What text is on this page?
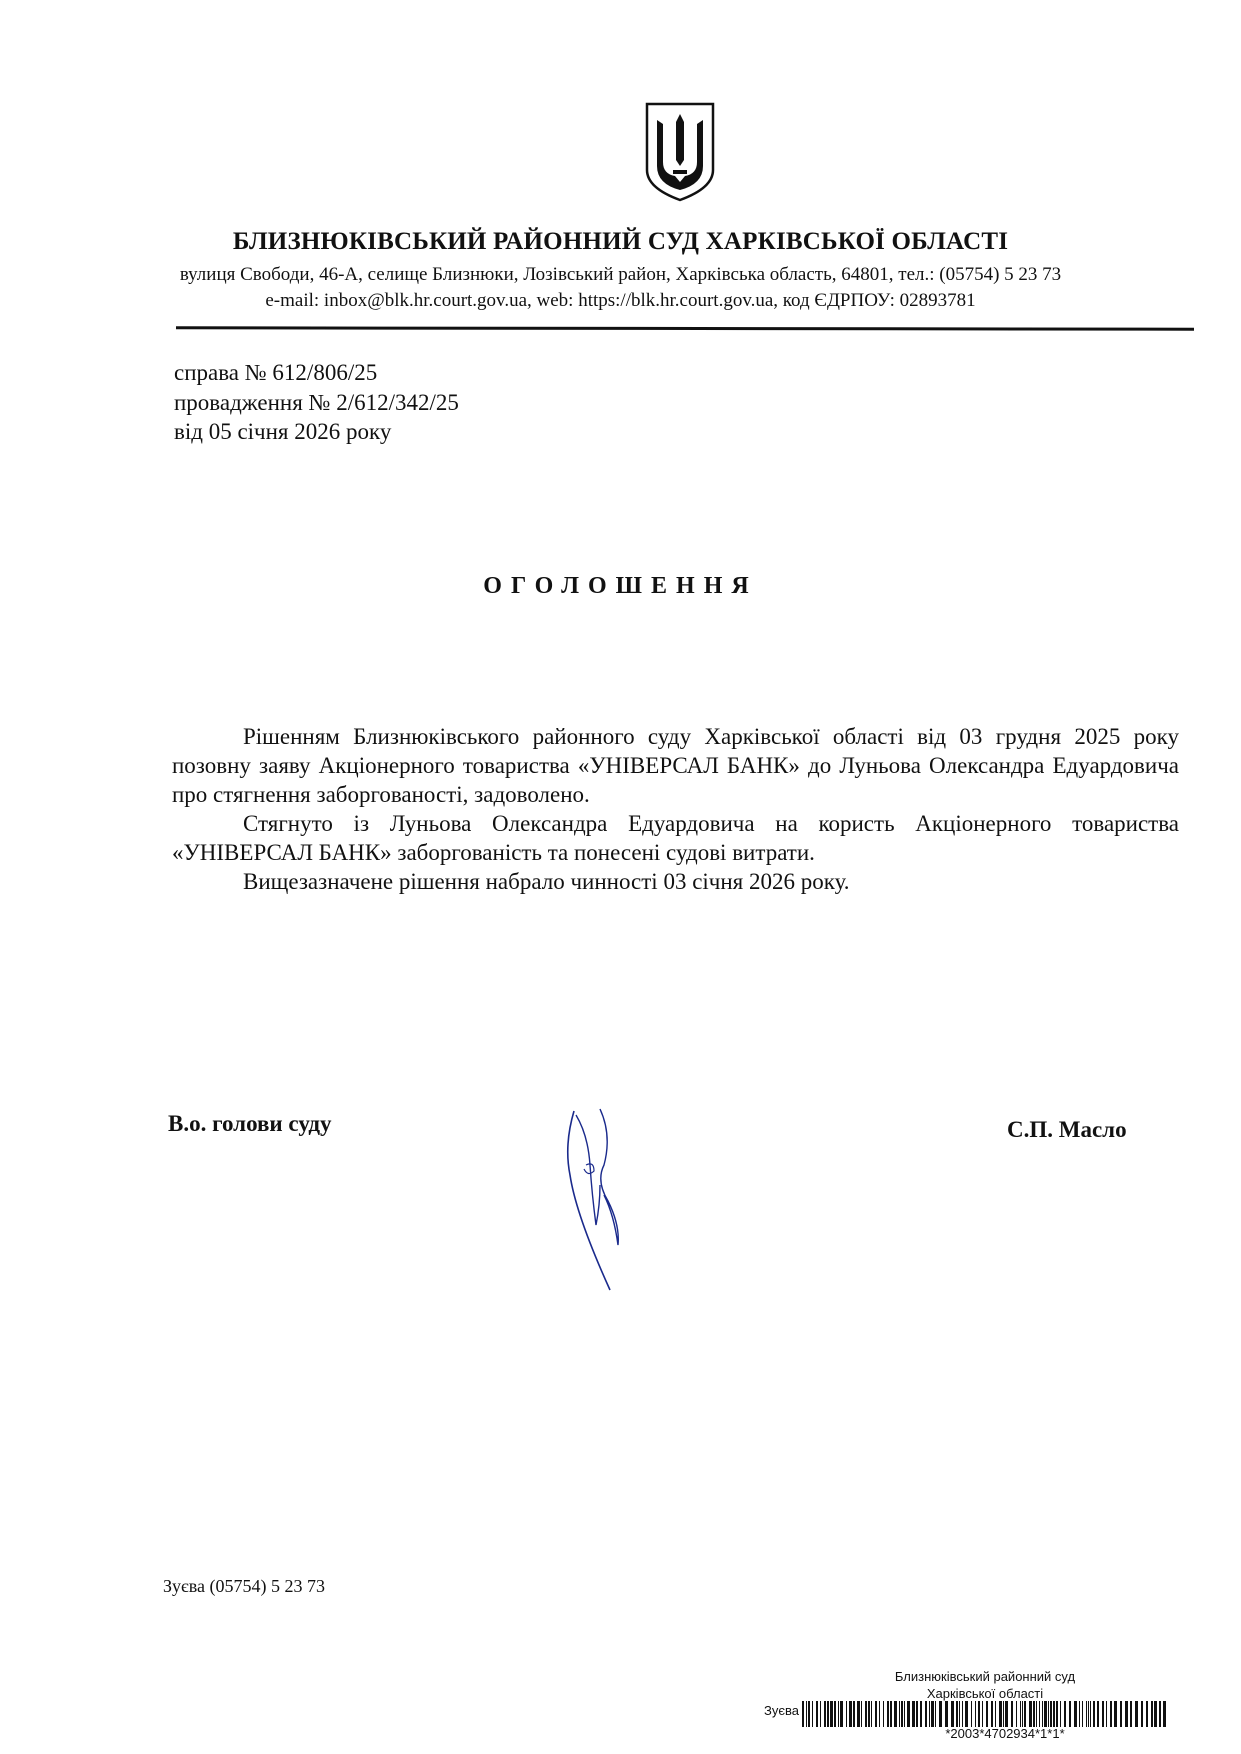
БЛИЗНЮКІВСЬКИЙ РАЙОННИЙ СУД ХАРКІВСЬКОЇ ОБЛАСТІ
вулиця Свободи, 46-А, селище Близнюки, Лозівський район, Харківська область, 64801, тел.: (05754) 5 23 73
e-mail: inbox@blk.hr.court.gov.ua, web: https://blk.hr.court.gov.ua, код ЄДРПОУ: 02893781
справа № 612/806/25
провадження № 2/612/342/25
від 05 січня 2026 року
ОГОЛОШЕННЯ

Рішенням Близнюківського районного суду Харківської області від 03 грудня 2025 року позовну заяву Акціонерного товариства «УНІВЕРСАЛ БАНК» до Луньова Олександра Едуардовича про стягнення заборгованості, задоволено.

Стягнуто із Луньова Олександра Едуардовича на користь Акціонерного товариства «УНІВЕРСАЛ БАНК» заборгованість та понесені судові витрати.

Вищезазначене рішення набрало чинності 03 січня 2026 року.

В.о. голови суду	С.П. Масло
Зуєва (05754) 5 23 73
Близнюківський районний суд
Харківської області
Зуєва
*2003*4702934*1*1*
